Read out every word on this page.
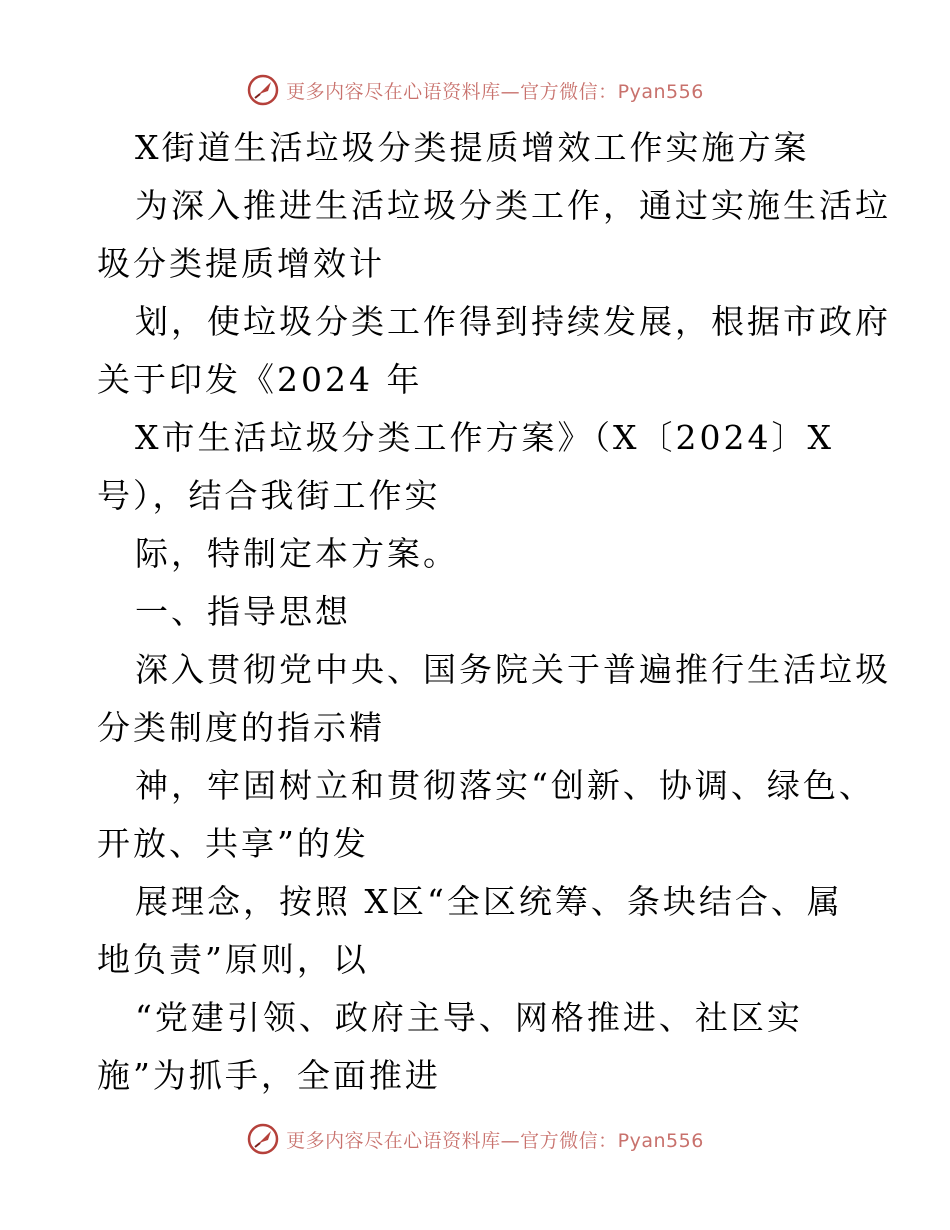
更多内容尽在心语资料库—官方微信：Pyan556
X街道生活垃圾分类提质增效工作实施方案
为深入推进生活垃圾分类工作，通过实施生活垃
圾分类提质增效计
划，使垃圾分类工作得到持续发展，根据市政府
关于印发《2024 年
X市生活垃圾分类工作方案》（X〔2024〕X
号），结合我街工作实
际，特制定本方案。
一、指导思想
深入贯彻党中央、国务院关于普遍推行生活垃圾
分类制度的指示精
神，牢固树立和贯彻落实“创新、协调、绿色、
开放、共享”的发
展理念，按照 X区“全区统筹、条块结合、属
地负责”原则，以
“党建引领、政府主导、网格推进、社区实
施”为抓手，全面推进
更多内容尽在心语资料库—官方微信：Pyan556
